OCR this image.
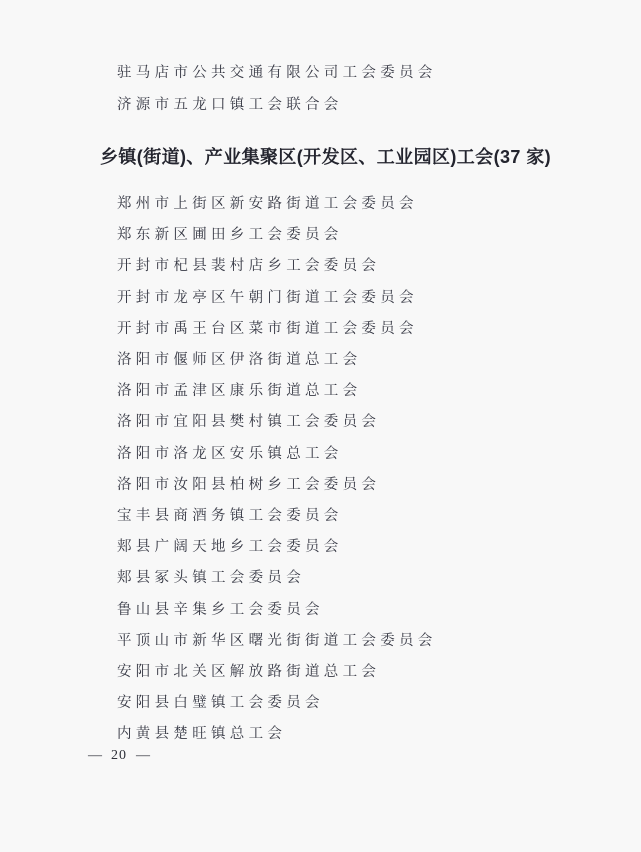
驻马店市公共交通有限公司工会委员会
济源市五龙口镇工会联合会
乡镇(街道)、产业集聚区(开发区、工业园区)工会(37 家)
郑州市上街区新安路街道工会委员会
郑东新区圃田乡工会委员会
开封市杞县裴村店乡工会委员会
开封市龙亭区午朝门街道工会委员会
开封市禹王台区菜市街道工会委员会
洛阳市偃师区伊洛街道总工会
洛阳市孟津区康乐街道总工会
洛阳市宜阳县樊村镇工会委员会
洛阳市洛龙区安乐镇总工会
洛阳市汝阳县柏树乡工会委员会
宝丰县商酒务镇工会委员会
郏县广阔天地乡工会委员会
郏县冢头镇工会委员会
鲁山县辛集乡工会委员会
平顶山市新华区曙光街街道工会委员会
安阳市北关区解放路街道总工会
安阳县白璧镇工会委员会
内黄县楚旺镇总工会
— 20 —
